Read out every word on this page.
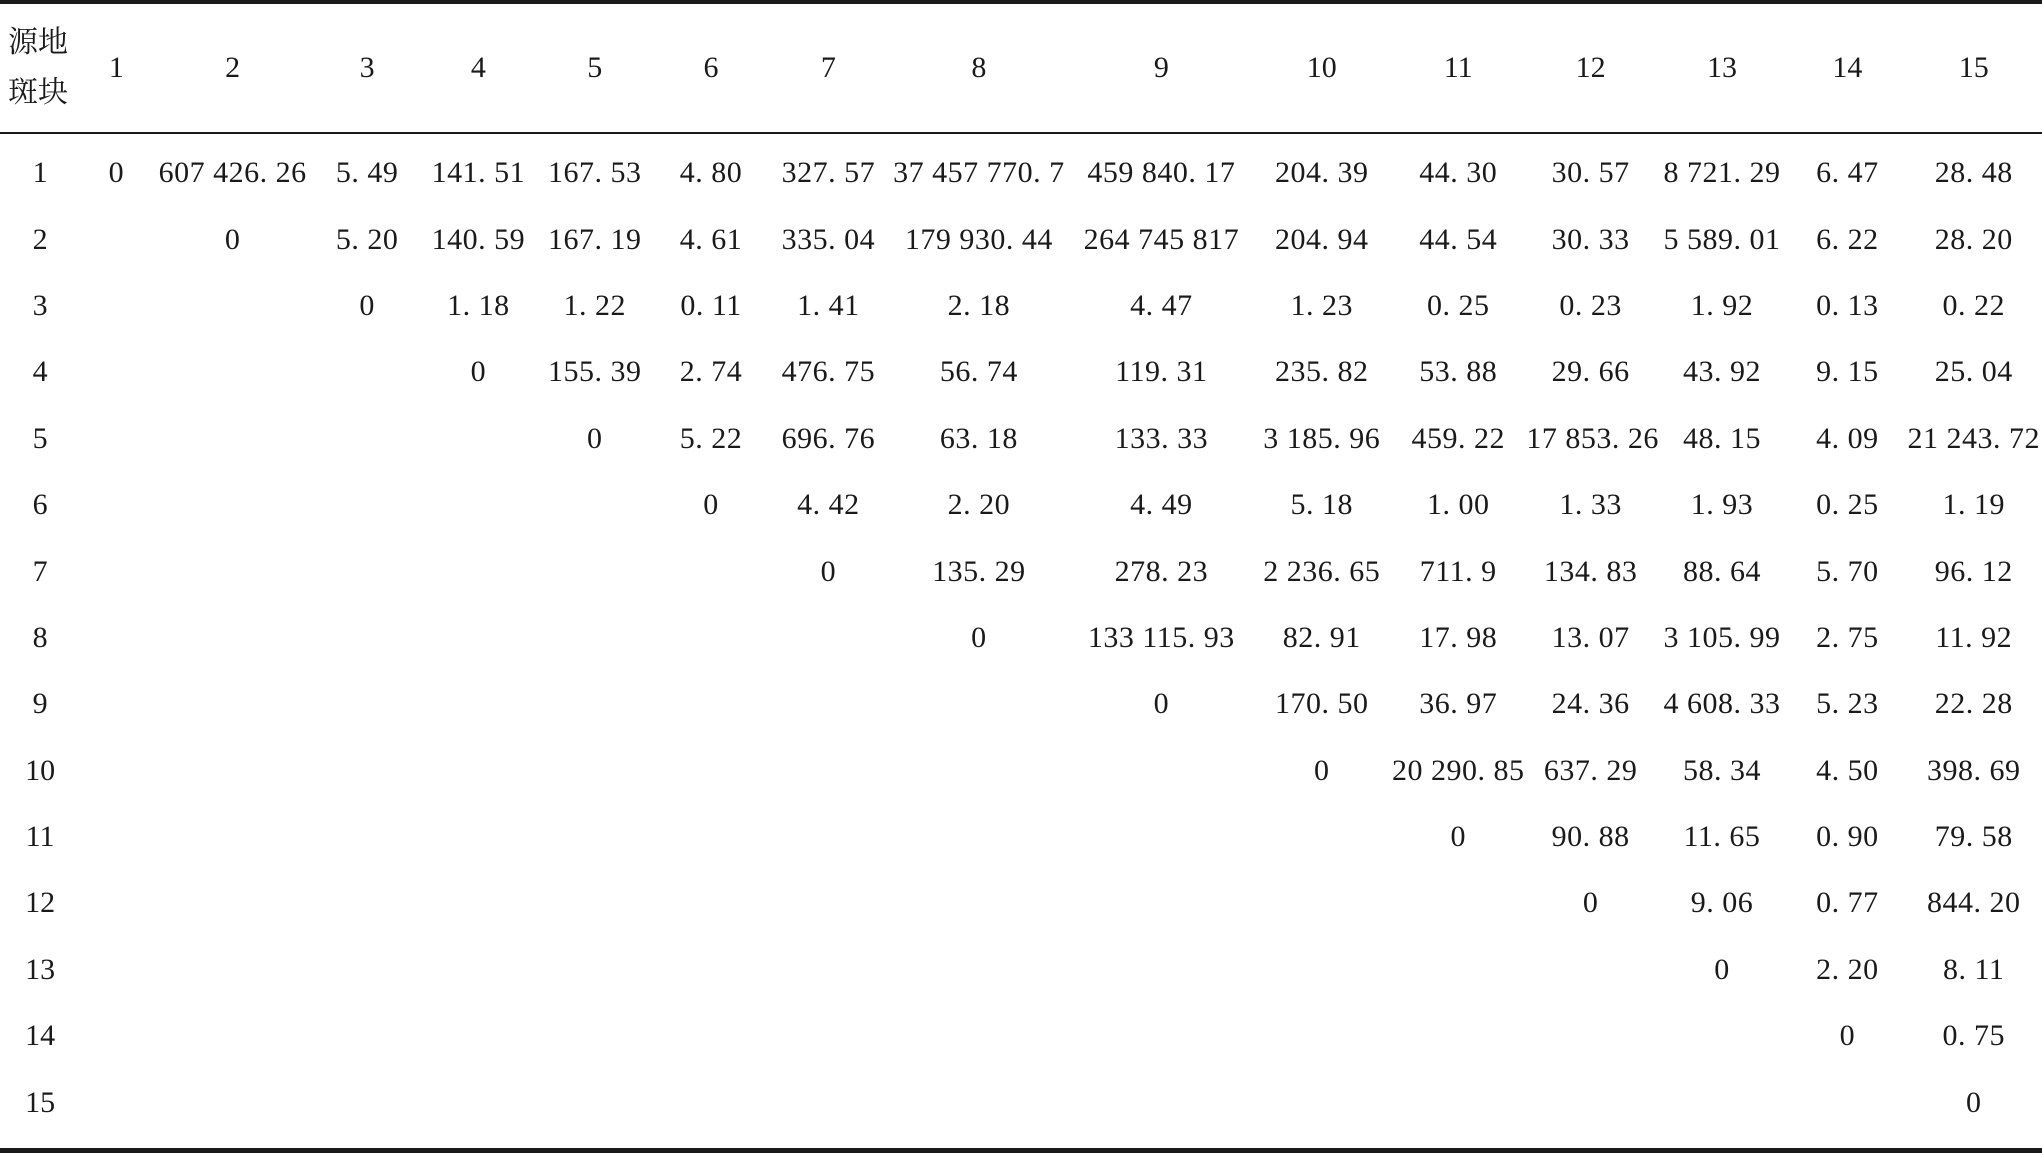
源地
斑块	1	2	3	4	5	6	7	8	9	10	11	12	13	14	15
1	0	607 426. 26	5. 49	141. 51	167. 53	4. 80	327. 57	37 457 770. 7	459 840. 17	204. 39	44. 30	30. 57	8 721. 29	6. 47	28. 48
2		0	5. 20	140. 59	167. 19	4. 61	335. 04	179 930. 44	264 745 817	204. 94	44. 54	30. 33	5 589. 01	6. 22	28. 20
3			0	1. 18	1. 22	0. 11	1. 41	2. 18	4. 47	1. 23	0. 25	0. 23	1. 92	0. 13	0. 22
4				0	155. 39	2. 74	476. 75	56. 74	119. 31	235. 82	53. 88	29. 66	43. 92	9. 15	25. 04
5					0	5. 22	696. 76	63. 18	133. 33	3 185. 96	459. 22	17 853. 26	48. 15	4. 09	21 243. 72
6						0	4. 42	2. 20	4. 49	5. 18	1. 00	1. 33	1. 93	0. 25	1. 19
7							0	135. 29	278. 23	2 236. 65	711. 9	134. 83	88. 64	5. 70	96. 12
8								0	133 115. 93	82. 91	17. 98	13. 07	3 105. 99	2. 75	11. 92
9									0	170. 50	36. 97	24. 36	4 608. 33	5. 23	22. 28
10										0	20 290. 85	637. 29	58. 34	4. 50	398. 69
11											0	90. 88	11. 65	0. 90	79. 58
12												0	9. 06	0. 77	844. 20
13													0	2. 20	8. 11
14														0	0. 75
15															0
